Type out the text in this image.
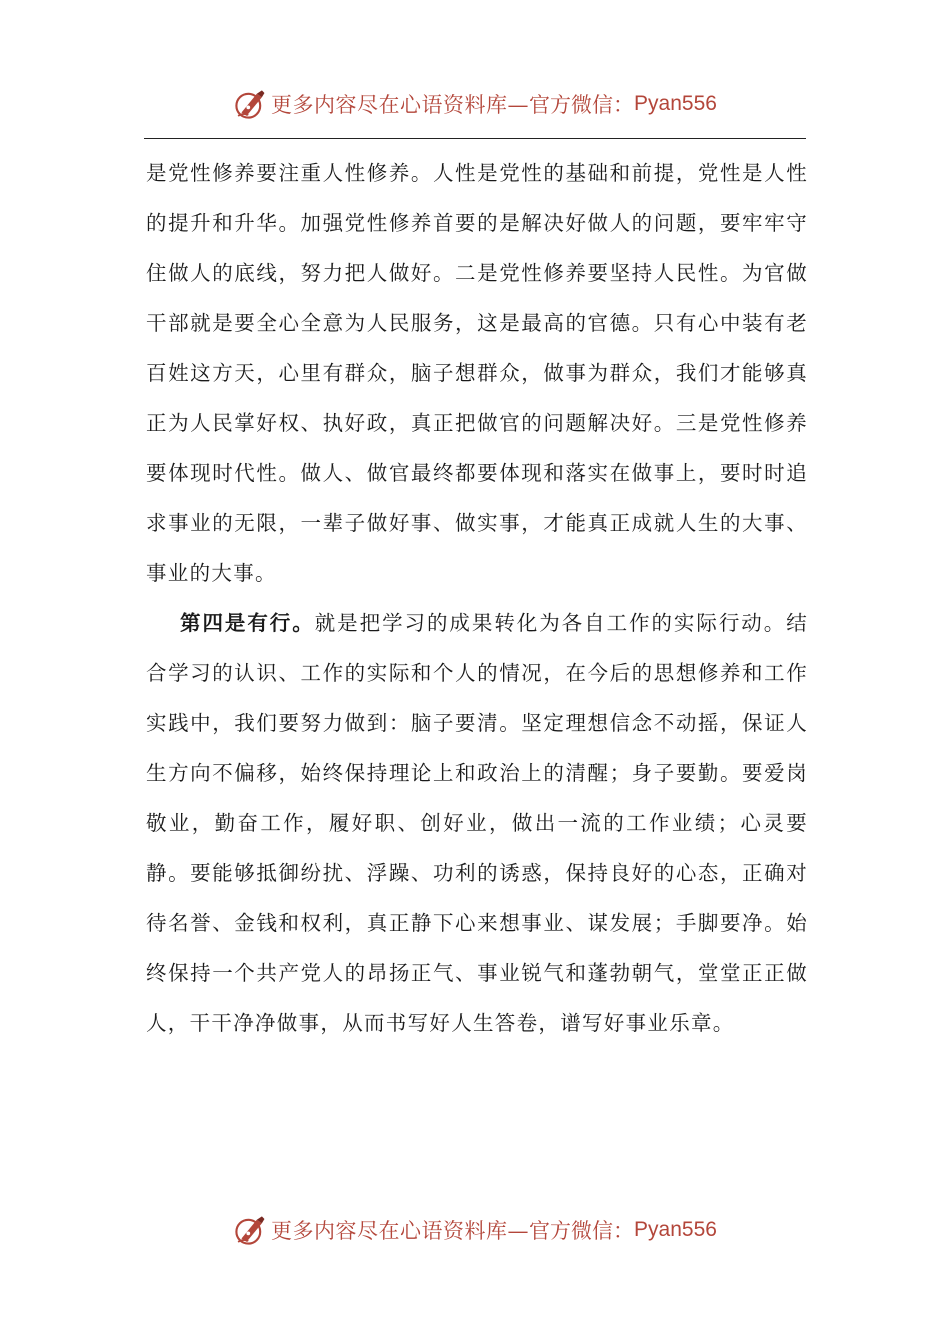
更多内容尽在心语资料库— 官方微信： Pyan556

是党性修养要注重人性修养。人性是党性的基础和前提，党性是人性的提升和升华。加强党性修养首要的是解决好做人的问题，要牢牢守住做人的底线，努力把人做好。二是党性修养要坚持人民性。为官做干部就是要全心全意为人民服务，这是最高的官德。只有心中装有老百姓这方天，心里有群众，脑子想群众，做事为群众，我们才能够真正为人民掌好权、执好政，真正把做官的问题解决好。三是党性修养要体现时代性。做人、做官最终都要体现和落实在做事上，要时时追求事业的无限，一辈子做好事、做实事，才能真正成就人生的大事、事业的大事。

第四是有行。就是把学习的成果转化为各自工作的实际行动。结合学习的认识、工作的实际和个人的情况，在今后的思想修养和工作实践中，我们要努力做到：脑子要清。坚定理想信念不动摇，保证人生方向不偏移，始终保持理论上和政治上的清醒；身子要勤。要爱岗敬业，勤奋工作，履好职、创好业，做出一流的工作业绩；心灵要静。要能够抵御纷扰、浮躁、功利的诱惑，保持良好的心态，正确对待名誉、金钱和权利，真正静下心来想事业、谋发展；手脚要净。始终保持一个共产党人的昂扬正气、事业锐气和蓬勃朝气，堂堂正正做人，干干净净做事，从而书写好人生答卷，谱写好事业乐章。

更多内容尽在心语资料库— 官方微信： Pyan556
